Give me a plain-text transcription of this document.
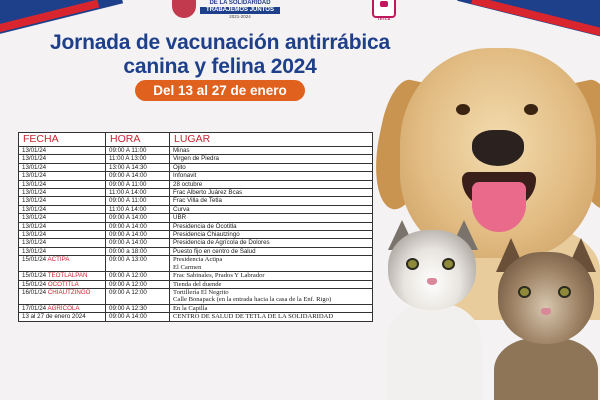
DE LA SOLIDARIDAD
TRABAJEMOS JUNTOS
2021-2024	TETLA
Jornada de vacunación antirrábica
canina y felina 2024
Del 13 al 27 de enero
FECHA	HORA	LUGAR
13/01/24	09:00 A 11:00	Minas

13/01/24	11:00 A 13:00	Virgen de Piedra

13/01/24	13:00 A 14:30	Ojito

13/01/24	09:00 A 14:00	Infonavit

13/01/24	09:00 A 11:00	28 octubre

13/01/24	11:00 A 14:00	Frac Alberto Juárez Bcas

13/01/24	09:00 A 11:00	Frac Villa de Tetla

13/01/24	11:00 A 14:00	Curva

13/01/24	09:00 A 14:00	UBR

13/01/24	09:00 A 14:00	Presidencia de Ocotitla

13/01/24	09:00 A 14:00	Presidencia Chiautzingo

13/01/24	09:00 A 14:00	Presidencia de Agrícola de Dolores

13/01/24	09:00 a 18:00	Puesto fijo en centro de Salud

15/01/24 ACTIPA	09:00 A 13:00	Presidencia Actipa
El Carmen

15/01/24 TEOTLALPAN	09:00 A 12:00	Frac Sabinales, Prados Y Labrador

15/01/24 OCOTITLA	09:00 A 12:00	Tienda del duende

16/01/24 CHIAUTZINGO	09:00 A 12:00	Tortillería El Negrito
Calle Bonapack (en la entrada hacia la casa de la Enf. Rigo)

17/01/24 AGRÍCOLA	09:00 A 12:30	En la Capilla

13 al 27 de enero 2024	09:00 A 14:00	CENTRO DE SALUD DE TETLA DE LA SOLIDARIDAD
